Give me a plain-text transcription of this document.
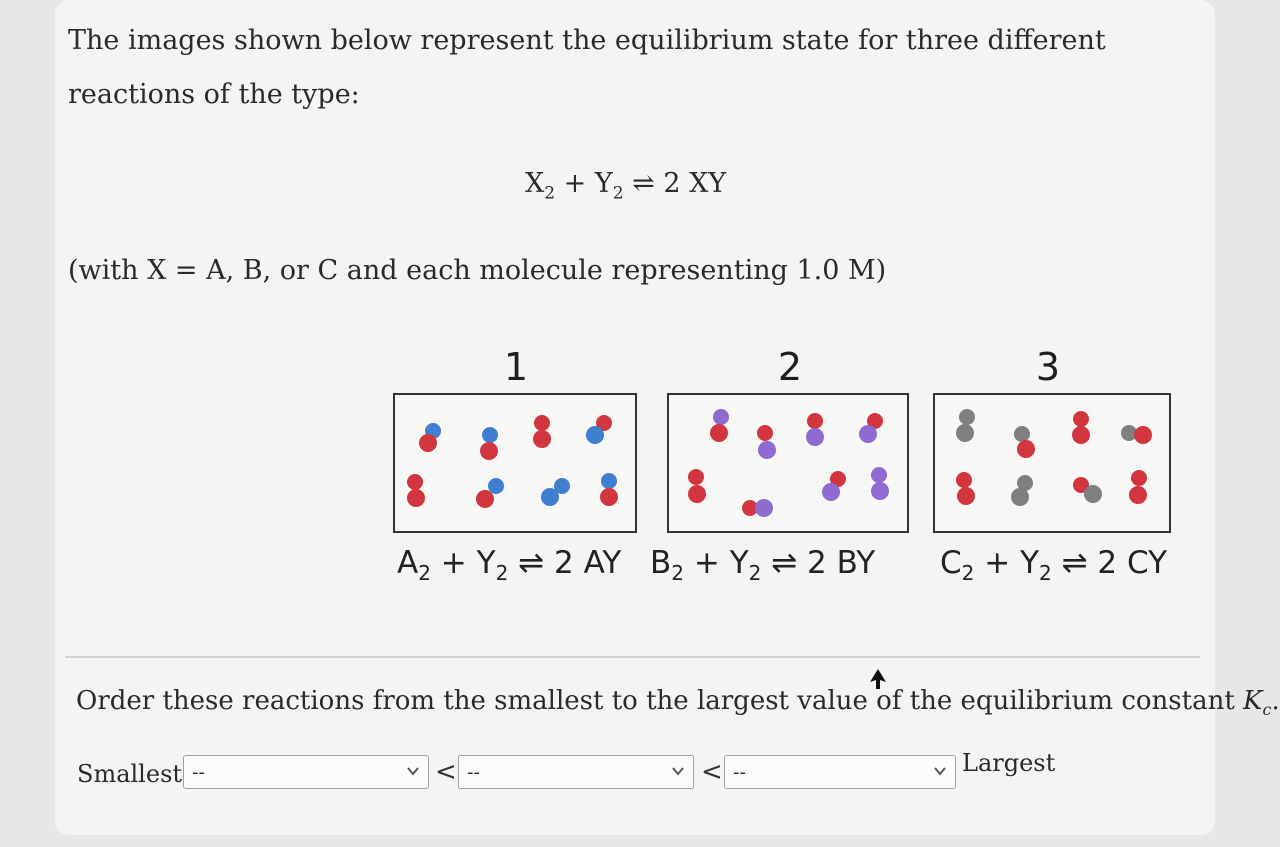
The images shown below represent the equilibrium state for three different reactions of the type:

$X_2 + Y_2$ ⇌ 2 XY
(with X = A, B, or C and each molecule representing 1.0 M)
1	2	3
$A_2 + Y_2$ ⇌ 2 AY $B_2 + Y_2$ ⇌ 2 BY $C_2 + Y_2$ ⇌ 2 CY
Order these reactions from the smallest to the largest value of the equilibrium constant $K_c$.
Smallest --	< --	< --	Largest
